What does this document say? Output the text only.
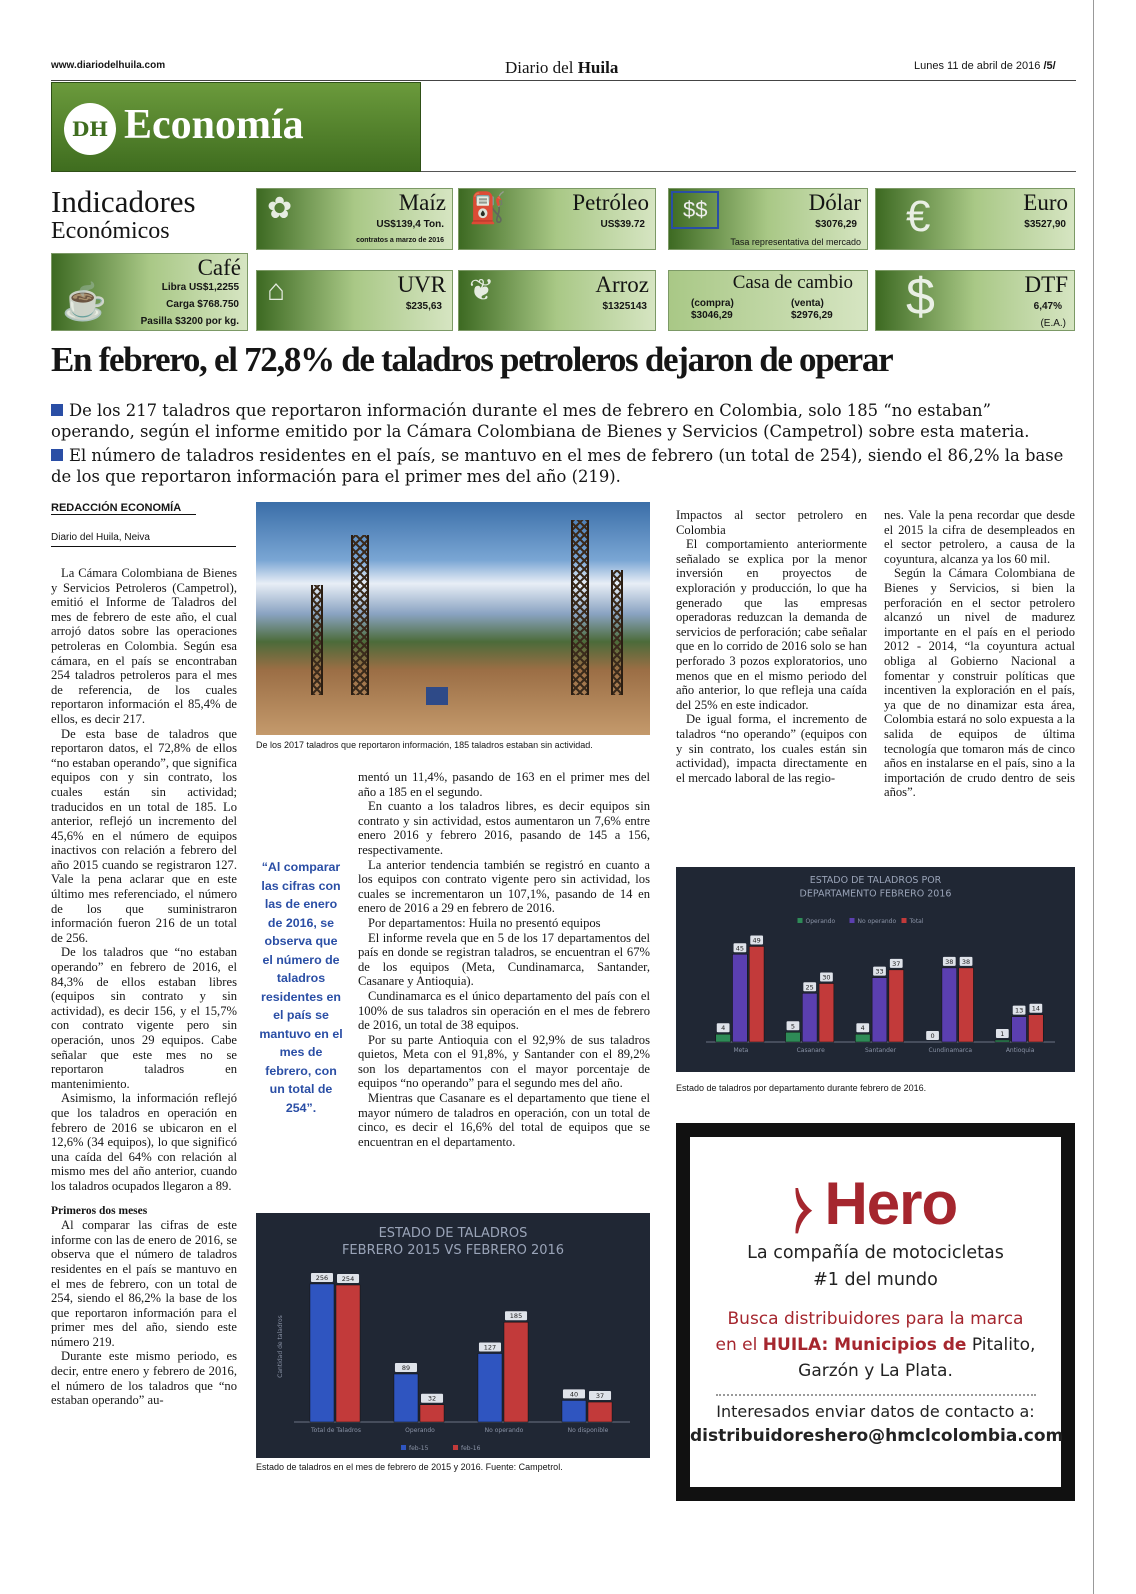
www.diariodelhuila.com	Diario del Huila	Lunes 11 de abril de 2016 /5/
DH Economía
Indicadores
Económicos
✿	Maíz
US$139,4 Ton.
contratos a marzo de 2016
⛽	Petróleo
US$39.72
$$	Dólar
$3076,29
Tasa representativa del mercado
€	Euro
$3527,90
☕
Café
Libra US$1,2255
Carga $768.750
Pasilla $3200 por kg.
⌂	UVR
$235,63 ❦	Arroz
$1325143
Casa de cambio
(compra)
$3046,29
(venta)
$2976,29 $	DTF
6,47%
(E.A.)
En febrero, el 72,8% de taladros petroleros dejaron de operar
De los 217 taladros que reportaron información durante el mes de febrero en Colombia, solo 185 “no estaban” operando, según el informe emitido por la Cámara Colombiana de Bienes y Servicios (Campetrol) sobre esta materia.
El número de taladros residentes en el país, se mantuvo en el mes de febrero (un total de 254), siendo el 86,2% la base de los que reportaron información para el primer mes del año (219).
REDACCIÓN ECONOMÍA
Diario del Huila, Neiva

La Cámara Colombiana de Bienes y Servicios Petroleros (Campetrol), emitió el Informe de Taladros del mes de febrero de este año, el cual arrojó datos sobre las operaciones petroleras en Colombia. Según esa cámara, en el país se encontraban 254 taladros petroleros para el mes de referencia, de los cuales reportaron información el 85,4% de ellos, es decir 217.

De esta base de taladros que reportaron datos, el 72,8% de ellos “no estaban operando”, que significa equipos con y sin contrato, los cuales están sin actividad; traducidos en un total de 185. Lo anterior, reflejó un incremento del 45,6% en el número de equipos inactivos con relación a febrero del año 2015 cuando se registraron 127. Vale la pena aclarar que en este último mes referenciado, el número de los que suministraron información fueron 216 de un total de 256.

De los taladros que “no estaban operando” en febrero de 2016, el 84,3% de ellos estaban libres (equipos sin contrato y sin actividad), es decir 156, y el 15,7% con contrato vigente pero sin operación, unos 29 equipos. Cabe señalar que este mes no se reportaron taladros en mantenimiento.

Asimismo, la información reflejó que los taladros en operación en febrero de 2016 se ubicaron en el 12,6% (34 equipos), lo que significó una caída del 64% con relación al mismo mes del año anterior, cuando los taladros ocupados llegaron a 89.

Primeros dos meses

Al comparar las cifras de este informe con las de enero de 2016, se observa que el número de taladros residentes en el país se mantuvo en el mes de febrero, con un total de 254, siendo el 86,2% la base de los que reportaron información para el primer mes del año, siendo este número 219.

Durante este mismo periodo, es decir, entre enero y febrero de 2016, el número de los taladros que “no estaban operando” au-

De los 2017 taladros que reportaron información, 185 taladros estaban sin actividad.
“Al comparar las cifras con las de enero de 2016, se observa que el número de taladros residentes en el país se mantuvo en el mes de febrero, con un total de 254”.

mentó un 11,4%, pasando de 163 en el primer mes del año a 185 en el segundo.

En cuanto a los taladros libres, es decir equipos sin contrato y sin actividad, estos aumentaron un 7,6% entre enero 2016 y febrero 2016, pasando de 145 a 156, respectivamente.

La anterior tendencia también se registró en cuanto a los equipos con contrato vigente pero sin actividad, los cuales se incrementaron un 107,1%, pasando de 14 en enero de 2016 a 29 en febrero de 2016.

Por departamentos: Huila no presentó equipos

El informe revela que en 5 de los 17 departamentos del país en donde se registran taladros, se encuentran el 67% de los equipos (Meta, Cundinamarca, Santander, Casanare y Antioquia).

Cundinamarca es el único departamento del país con el 100% de sus taladros sin operación en el mes de febrero de 2016, un total de 38 equipos.

Por su parte Antioquia con el 92,9% de sus taladros quietos, Meta con el 91,8%, y Santander con el 89,2% son los departamentos con el mayor porcentaje de equipos “no operando” para el segundo mes del año.

Mientras que Casanare es el departamento que tiene el mayor número de taladros en operación, con un total de cinco, es decir el 16,6% del total de equipos que se encuentran en el departamento.

Impactos al sector petrolero en Colombia

El comportamiento anteriormente señalado se explica por la menor inversión en proyectos de exploración y producción, lo que ha generado que las empresas operadoras reduzcan la demanda de servicios de perforación; cabe señalar que en lo corrido de 2016 solo se han perforado 3 pozos exploratorios, uno menos que en el mismo periodo del año anterior, lo que refleja una caída del 25% en este indicador.

De igual forma, el incremento de taladros “no operando” (equipos con y sin contrato, los cuales están sin actividad), impacta directamente en el mercado laboral de las regio-

nes. Vale la pena recordar que desde el 2015 la cifra de desempleados en el sector petrolero, a causa de la coyuntura, alcanza ya los 60 mil.

Según la Cámara Colombiana de Bienes y Servicios, si bien la perforación en el sector petrolero alcanzó un nivel de madurez importante en el país en el periodo 2012 - 2014, “la coyuntura actual obliga al Gobierno Nacional a fomentar y construir políticas que incentiven la exploración en el país, ya que de no dinamizar esta área, Colombia estará no solo expuesta a la salida de equipos de última tecnología que tomaron más de cinco años en instalarse en el país, sino a la importación de crudo dentro de seis años”.

ESTADO DE TALADROS
FEBRERO 2015 VS FEBRERO 2016
Cantidad de taladros
256 254
Total de Taladros
89
32
Operando
127
185
No operando
40	37
No disponible
feb-15	feb-16
Estado de taladros en el mes de febrero de 2015 y 2016. Fuente: Campetrol.
ESTADO DE TALADROS POR
DEPARTAMENTO FEBRERO 2016
4
45
49
Meta
5
25
30
Casanare
4
33
37
Santander
0
38 38
Cundinamarca
1
13 14
Antioquia
Operando	No operando Total
Estado de taladros por departamento durante febrero de 2016.
⧽ Hero
La compañía de motocicletas
#1 del mundo
Busca distribuidores para la marca
en el HUILA: Municipios de Pitalito,
Garzón y La Plata.
Interesados enviar datos de contacto a:
distribuidoreshero@hmclcolombia.com
